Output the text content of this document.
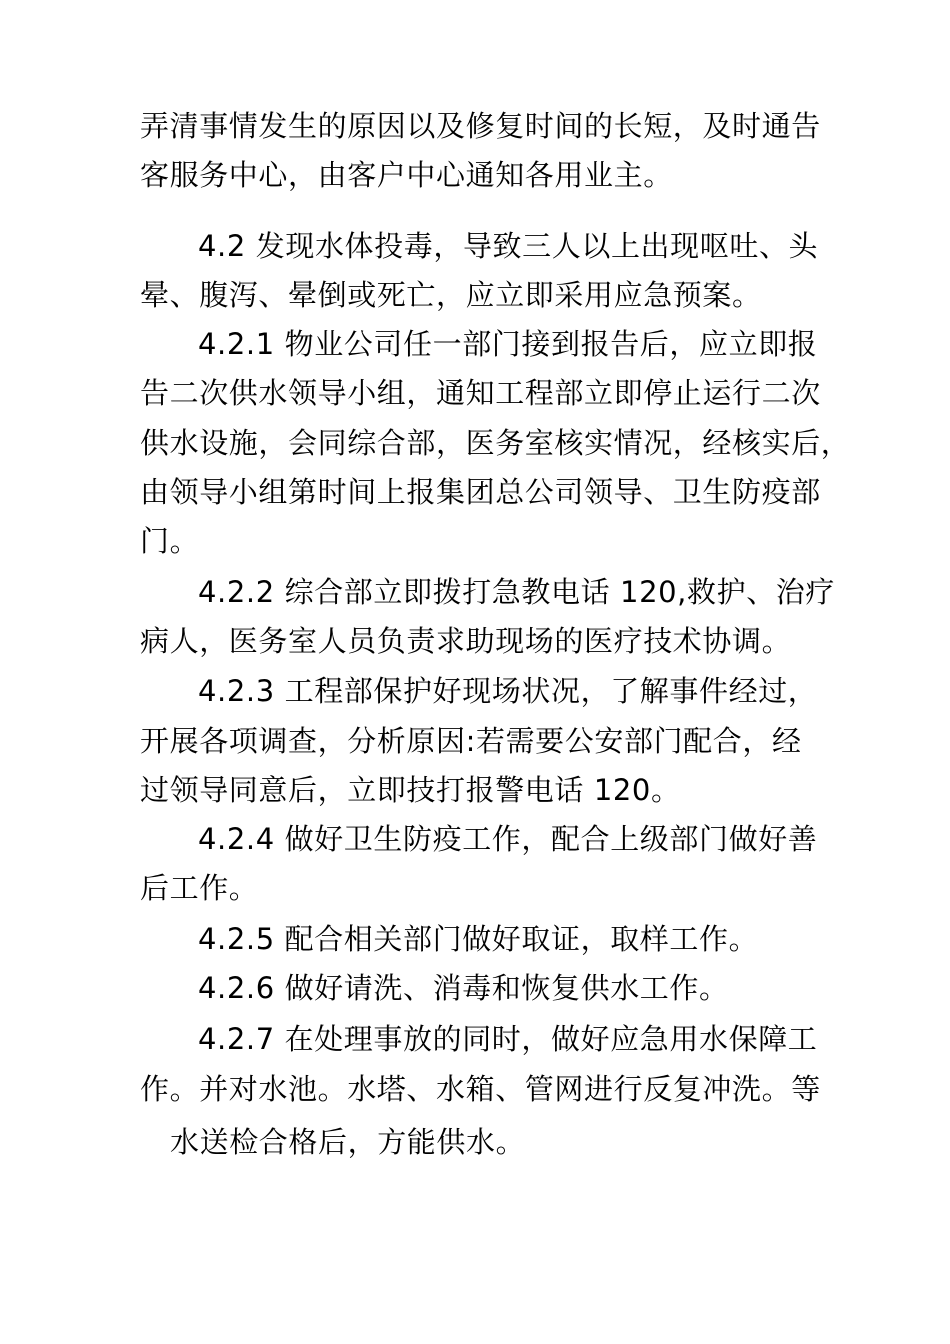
弄清事情发生的原因以及修复时间的长短，及时通告
客服务中心，由客户中心通知各用业主。
4.2 发现水体投毒，导致三人以上出现呕吐、头
晕、腹泻、晕倒或死亡，应立即采用应急预案。
4.2.1 物业公司任一部门接到报告后，应立即报
告二次供水领导小组，通知工程部立即停止运行二次
供水设施，会同综合部，医务室核实情况，经核实后，
由领导小组第时间上报集团总公司领导、卫生防疫部
门。
4.2.2 综合部立即拨打急教电话 120,救护、治疗
病人，医务室人员负责求助现场的医疗技术协调。
4.2.3 工程部保护好现场状况，了解事件经过，
开展各项调查，分析原因:若需要公安部门配合，经
过领导同意后，立即技打报警电话 120。
4.2.4 做好卫生防疫工作，配合上级部门做好善
后工作。
4.2.5 配合相关部门做好取证，取样工作。
4.2.6 做好请洗、消毒和恢复供水工作。
4.2.7 在处理事放的同时，做好应急用水保障工
作。并对水池。水塔、水箱、管网进行反复冲洗。等
水送检合格后，方能供水。
